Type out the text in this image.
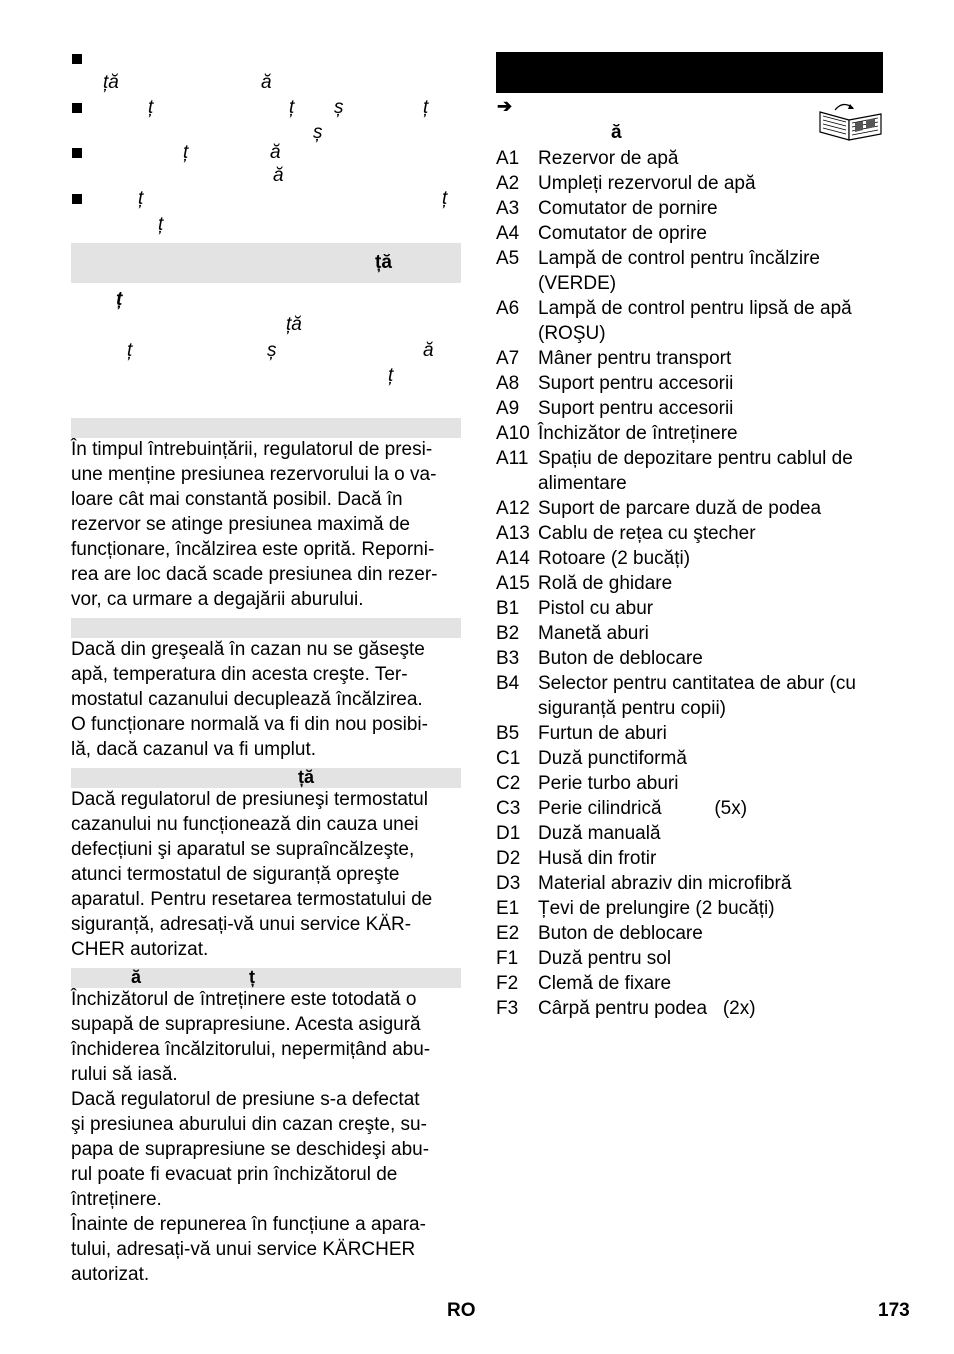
ță	ă
ț	ț ș	ț
ș
ț	ă
ă
ț	ț
ț
ță
ț
ță
ț	ș	ă
ț
În timpul întrebuințării, regulatorul de presi-
une menține presiunea rezervorului la o va-
loare cât mai constantă posibil. Dacă în
rezervor se atinge presiunea maximă de
funcționare, încălzirea este oprită. Reporni-
rea are loc dacă scade presiunea din rezer-
vor, ca urmare a degajării aburului.
Dacă din greşeală în cazan nu se găseşte
apă, temperatura din acesta creşte. Ter-
mostatul cazanului decuplează încălzirea.
O funcționare normală va fi din nou posibi-
lă, dacă cazanul va fi umplut.
ță
Dacă regulatorul de presiuneşi termostatul
cazanului nu funcționează din cauza unei
defecțiuni şi aparatul se supraîncălzeşte,
atunci termostatul de siguranță opreşte
aparatul. Pentru resetarea termostatului de
siguranță, adresați-vă unui service KÄR-
CHER autorizat.
ă	ț
Închizătorul de întreținere este totodată o
supapă de suprapresiune. Acesta asigură
închiderea încălzitorului, nepermițând abu-
rului să iasă.
Dacă regulatorul de presiune s-a defectat
şi presiunea aburului din cazan creşte, su-
papa de suprapresiune se deschideşi abu-
rul poate fi evacuat prin închizătorul de
întreținere.
Înainte de repunerea în funcțiune a apara-
tului, adresați-vă unui service KÄRCHER
autorizat.
➔
ă
A1 Rezervor de apă
A2 Umpleți rezervorul de apă
A3 Comutator de pornire
A4 Comutator de oprire
A5 Lampă de control pentru încălzire
(VERDE)
A6 Lampă de control pentru lipsă de apă
(ROŞU)
A7 Mâner pentru transport
A8 Suport pentru accesorii
A9 Suport pentru accesorii
A10 Închizător de întreținere
A11 Spațiu de depozitare pentru cablul de
alimentare
A12 Suport de parcare duză de podea
A13 Cablu de rețea cu ştecher
A14 Rotoare (2 bucăți)
A15 Rolă de ghidare
B1 Pistol cu abur
B2 Manetă aburi
B3 Buton de deblocare
B4 Selector pentru cantitatea de abur (cu
siguranță pentru copii)
B5 Furtun de aburi
C1 Duză punctiformă
C2 Perie turbo aburi
C3 Perie cilindrică          (5x)
D1 Duză manuală
D2 Husă din frotir
D3 Material abraziv din microfibră
E1 Țevi de prelungire (2 bucăți)
E2 Buton de deblocare
F1	Duză pentru sol
F2	Clemă de fixare
F3	Cârpă pentru podea   (2x)
RO	173
